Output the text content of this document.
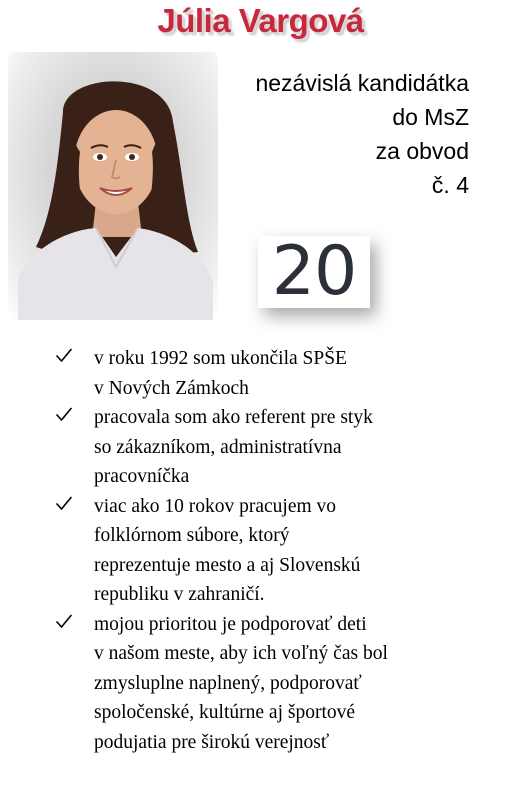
Júlia Vargová
nezávislá kandidátka
do MsZ
za obvod
č. 4
20
v roku 1992 som ukončila SPŠE
v Nových Zámkoch
pracovala som ako referent pre styk
so zákazníkom, administratívna
pracovníčka
viac ako 10 rokov pracujem vo
folklórnom súbore, ktorý
reprezentuje mesto a aj Slovenskú
republiku v zahraničí.
mojou prioritou je podporovať deti
v našom meste, aby ich voľný čas bol
zmysluplne naplnený, podporovať
spoločenské, kultúrne aj športové
podujatia pre širokú verejnosť
